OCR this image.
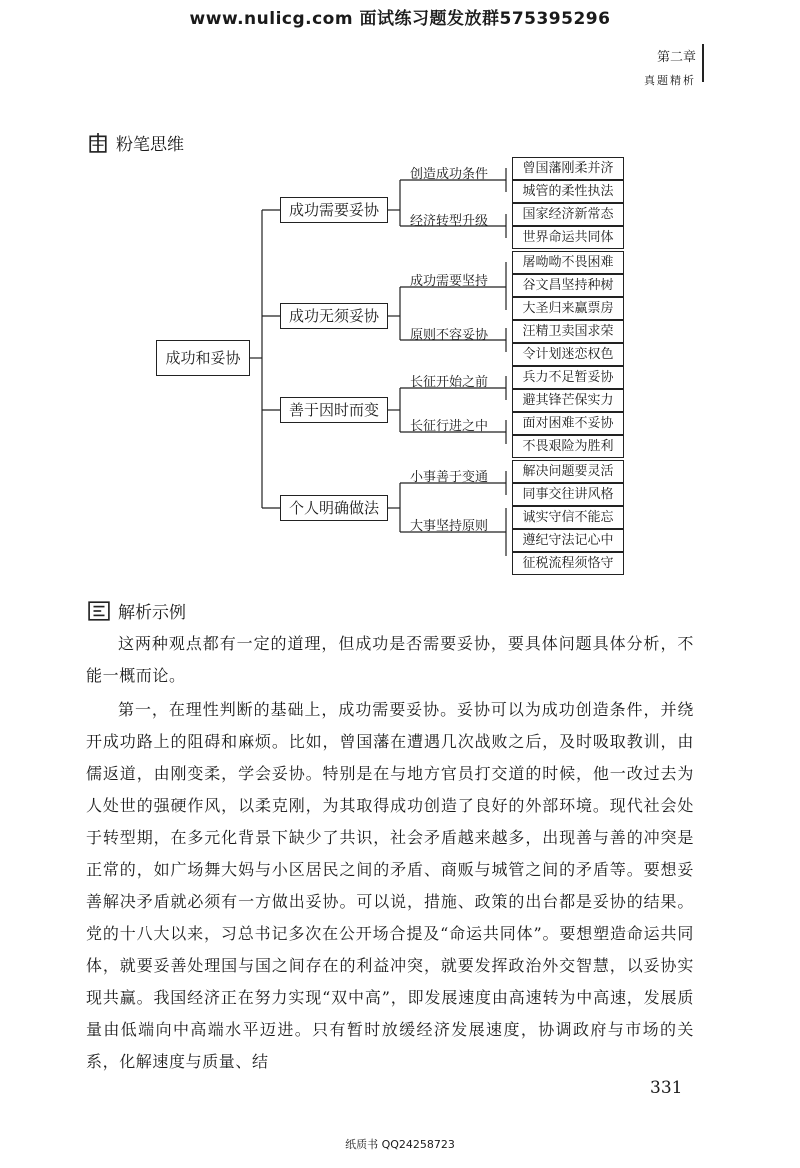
www.nulicg.com 面试练习题发放群575395296
第二章
真题精析
粉笔思维
成功和妥协
成功需要妥协
成功无须妥协
善于因时而变
个人明确做法
创造成功条件
经济转型升级
成功需要坚持
原则不容妥协
长征开始之前
长征行进之中
小事善于变通
大事坚持原则
曾国藩刚柔并济
城管的柔性执法
国家经济新常态
世界命运共同体
屠呦呦不畏困难
谷文昌坚持种树
大圣归来赢票房
汪精卫卖国求荣
令计划迷恋权色
兵力不足暂妥协
避其锋芒保实力
面对困难不妥协
不畏艰险为胜利
解决问题要灵活
同事交往讲风格
诚实守信不能忘
遵纪守法记心中
征税流程须恪守
解析示例
这两种观点都有一定的道理，但成功是否需要妥协，要具体问题具体分析，不能一概而论。
第一，在理性判断的基础上，成功需要妥协。妥协可以为成功创造条件，并绕开成功路上的阻碍和麻烦。比如，曾国藩在遭遇几次战败之后，及时吸取教训，由儒返道，由刚变柔，学会妥协。特别是在与地方官员打交道的时候，他一改过去为人处世的强硬作风，以柔克刚，为其取得成功创造了良好的外部环境。现代社会处于转型期，在多元化背景下缺少了共识，社会矛盾越来越多，出现善与善的冲突是正常的，如广场舞大妈与小区居民之间的矛盾、商贩与城管之间的矛盾等。要想妥善解决矛盾就必须有一方做出妥协。可以说，措施、政策的出台都是妥协的结果。党的十八大以来，习总书记多次在公开场合提及“命运共同体”。要想塑造命运共同体，就要妥善处理国与国之间存在的利益冲突，就要发挥政治外交智慧，以妥协实现共赢。我国经济正在努力实现“双中高”，即发展速度由高速转为中高速，发展质量由低端向中高端水平迈进。只有暂时放缓经济发展速度，协调政府与市场的关系，化解速度与质量、结
331
纸质书 QQ24258723
